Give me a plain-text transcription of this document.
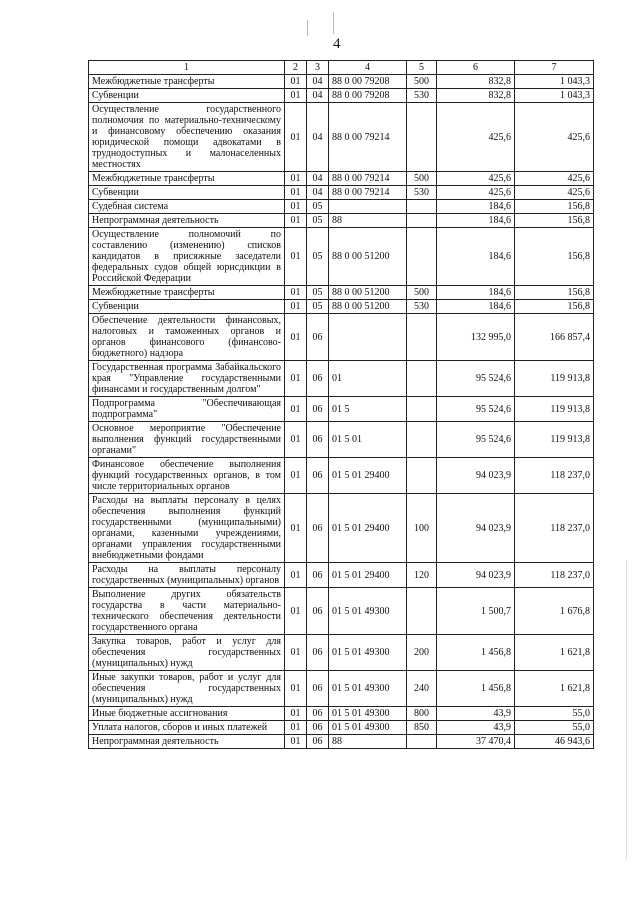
4
1	2	3	4	5	6	7
Межбюджетные трансферты	01	04	88 0 00 79208	500	832,8	1 043,3
Субвенции	01	04	88 0 00 79208	530	832,8	1 043,3
Осуществление государственного полномочия по материально-техническому и финансовому обеспечению оказания юридической помощи адвокатами в труднодоступных и малонаселенных местностях	01	04	88 0 00 79214		425,6	425,6
Межбюджетные трансферты	01	04	88 0 00 79214	500	425,6	425,6
Субвенции	01	04	88 0 00 79214	530	425,6	425,6
Судебная система	01	05			184,6	156,8
Непрограммная деятельность	01	05	88		184,6	156,8
Осуществление полномочий по составлению (изменению) списков кандидатов в присяжные заседатели федеральных судов общей юрисдикции в Российской Федерации	01	05	88 0 00 51200		184,6	156,8
Межбюджетные трансферты	01	05	88 0 00 51200	500	184,6	156,8
Субвенции	01	05	88 0 00 51200	530	184,6	156,8
Обеспечение деятельности финансовых, налоговых и таможенных органов и органов финансового (финансово-бюджетного) надзора	01	06			132 995,0	166 857,4
Государственная программа Забайкальского края "Управление государственными финансами и государственным долгом"	01	06	01		95 524,6	119 913,8
Подпрограмма "Обеспечивающая подпрограмма"	01	06	01 5		95 524,6	119 913,8
Основное мероприятие "Обеспечение выполнения функций государственными органами"	01	06	01 5 01		95 524,6	119 913,8
Финансовое обеспечение выполнения функций государственных органов, в том числе территориальных органов	01	06	01 5 01 29400		94 023,9	118 237,0
Расходы на выплаты персоналу в целях обеспечения выполнения функций государственными (муниципальными) органами, казенными учреждениями, органами управления государственными внебюджетными фондами	01	06	01 5 01 29400	100	94 023,9	118 237,0
Расходы на выплаты персоналу государственных (муниципальных) органов	01	06	01 5 01 29400	120	94 023,9	118 237,0
Выполнение других обязательств государства в части материально-технического обеспечения деятельности государственного органа	01	06	01 5 01 49300		1 500,7	1 676,8
Закупка товаров, работ и услуг для обеспечения государственных (муниципальных) нужд	01	06	01 5 01 49300	200	1 456,8	1 621,8
Иные закупки товаров, работ и услуг для обеспечения государственных (муниципальных) нужд	01	06	01 5 01 49300	240	1 456,8	1 621,8
Иные бюджетные ассигнования	01	06	01 5 01 49300	800	43,9	55,0
Уплата налогов, сборов и иных платежей	01	06	01 5 01 49300	850	43,9	55,0
Непрограммная деятельность	01	06	88		37 470,4	46 943,6
